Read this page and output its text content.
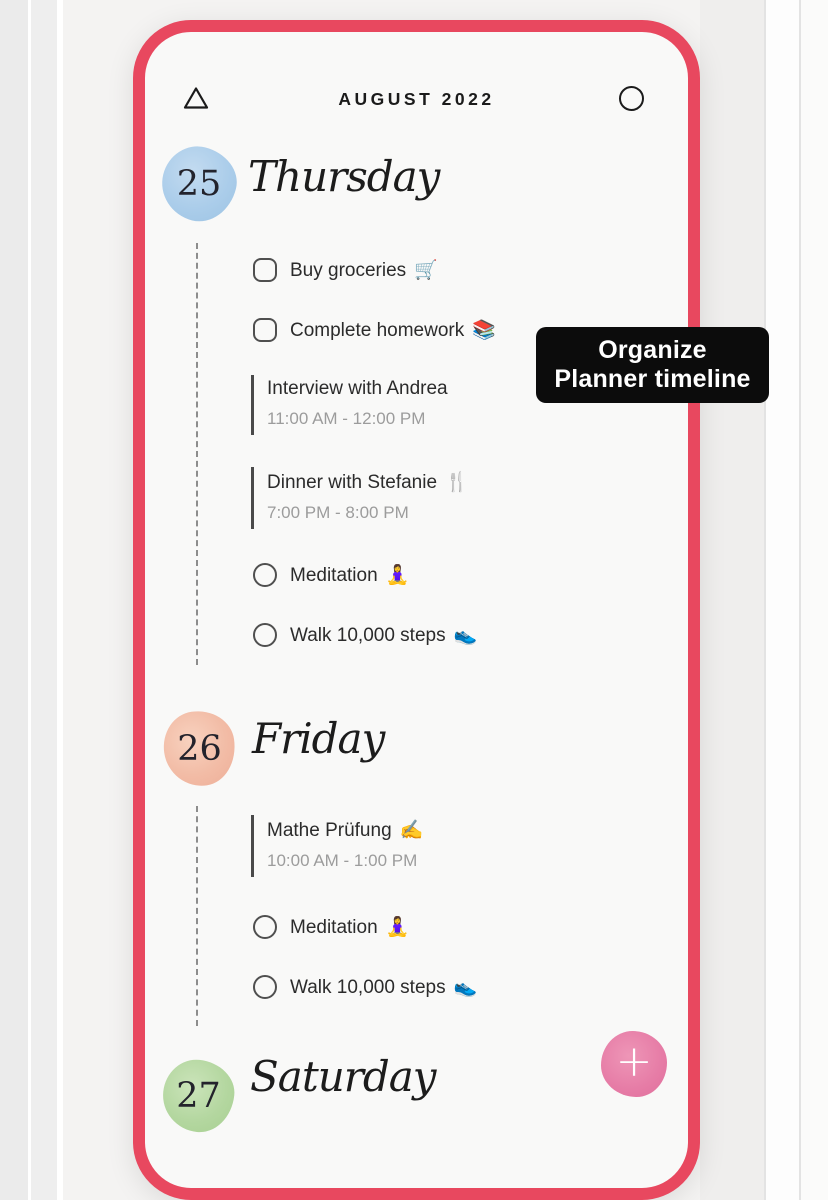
AUGUST 2022
25 Thursday
Buy groceries 🛒
Complete homework 📚
Interview with Andrea
11:00 AM - 12:00 PM
Dinner with Stefanie 🍴
7:00 PM - 8:00 PM
Meditation 🧘‍♀️
Walk 10,000 steps 👟
26 Friday
Mathe Prüfung ✍️
10:00 AM - 1:00 PM
Meditation 🧘‍♀️
Walk 10,000 steps 👟
27 Saturday	+
Organize
Planner timeline
